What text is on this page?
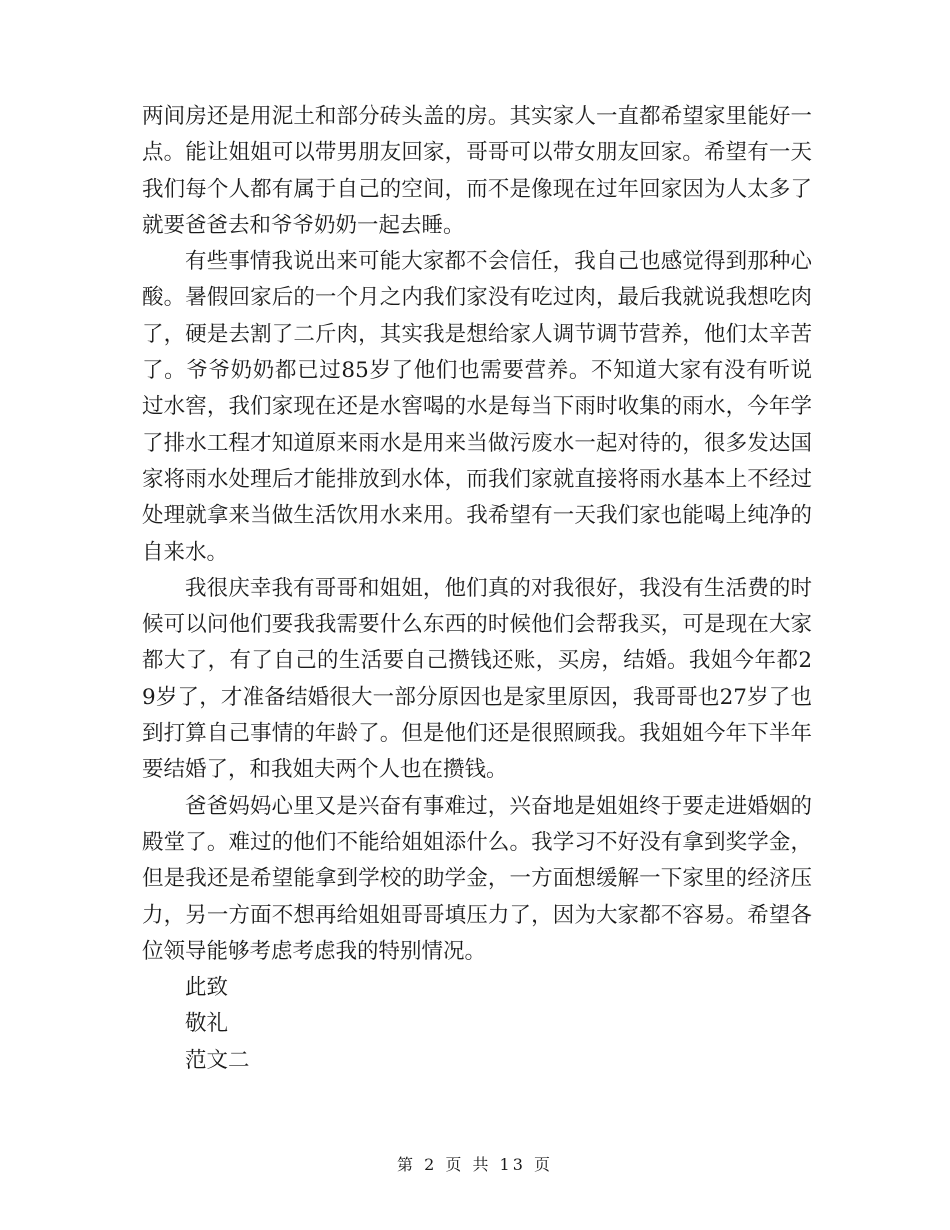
两间房还是用泥土和部分砖头盖的房。其实家人一直都希望家里能好一点。能让姐姐可以带男朋友回家，哥哥可以带女朋友回家。希望有一天我们每个人都有属于自己的空间，而不是像现在过年回家因为人太多了就要爸爸去和爷爷奶奶一起去睡。

有些事情我说出来可能大家都不会信任，我自己也感觉得到那种心酸。暑假回家后的一个月之内我们家没有吃过肉，最后我就说我想吃肉了，硬是去割了二斤肉，其实我是想给家人调节调节营养，他们太辛苦了。爷爷奶奶都已过85岁了他们也需要营养。不知道大家有没有听说过水窖，我们家现在还是水窖喝的水是每当下雨时收集的雨水，今年学了排水工程才知道原来雨水是用来当做污废水一起对待的，很多发达国家将雨水处理后才能排放到水体，而我们家就直接将雨水基本上不经过处理就拿来当做生活饮用水来用。我希望有一天我们家也能喝上纯净的自来水。

我很庆幸我有哥哥和姐姐，他们真的对我很好，我没有生活费的时候可以问他们要我我需要什么东西的时候他们会帮我买，可是现在大家都大了，有了自己的生活要自己攒钱还账，买房，结婚。我姐今年都29岁了，才准备结婚很大一部分原因也是家里原因，我哥哥也27岁了也到打算自己事情的年龄了。但是他们还是很照顾我。我姐姐今年下半年要结婚了，和我姐夫两个人也在攒钱。

爸爸妈妈心里又是兴奋有事难过，兴奋地是姐姐终于要走进婚姻的殿堂了。难过的他们不能给姐姐添什么。我学习不好没有拿到奖学金，但是我还是希望能拿到学校的助学金，一方面想缓解一下家里的经济压力，另一方面不想再给姐姐哥哥填压力了，因为大家都不容易。希望各位领导能够考虑考虑我的特别情况。

此致

敬礼

范文二

第 2 页 共 13 页
